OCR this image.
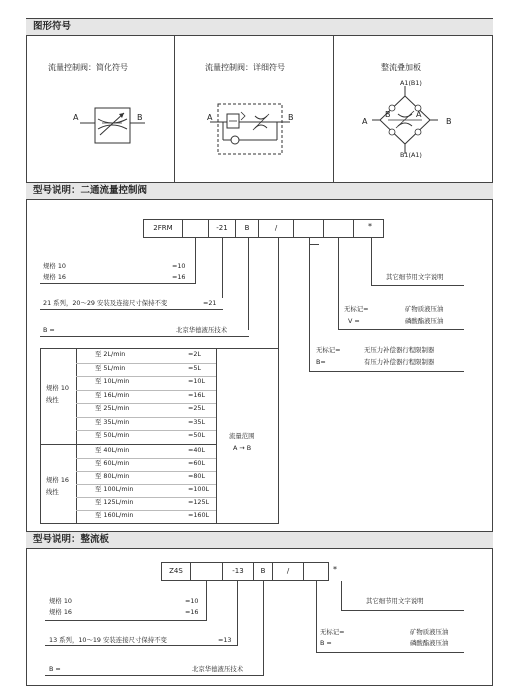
图形符号
流量控制阀：简化符号	流量控制阀：详细符号	整流叠加板
A	B	A	B
A1(B1)
B1(A1)
A	B
B	A
型号说明：二通流量控制阀
2FRM	-21	B	/	*
规格 10	=10
规格 16	=16
21 系列，20～29 安装及连接尺寸保持不变	=21
B =	北京华德液压技术
其它细节用文字说明
无标记=	矿物质液压油
V =	磷酸酯液压油
无标记=	无压力补偿器行程限制器
B=	有压力补偿器行程限制器
规格 10
线性
规格 16
线性
至 2L/min	=2L
至 5L/min	=5L
至 10L/min	=10L
至 16L/min	=16L
至 25L/min	=25L
至 35L/min	=35L
至 50L/min	=50L
至 40L/min	=40L
至 60L/min	=60L
至 80L/min	=80L
至 100L/min	=100L
至 125L/min	=125L
至 160L/min	=160L
流量范围
A → B
型号说明：整流板
Z4S	-13	B	/	*
规格 10	=10
规格 16	=16
13 系列，10～19 安装连接尺寸保持不变	=13
B =	北京华德液压技术
其它细节用文字说明
无标记=	矿物质液压油
B =	磷酸酯液压油
